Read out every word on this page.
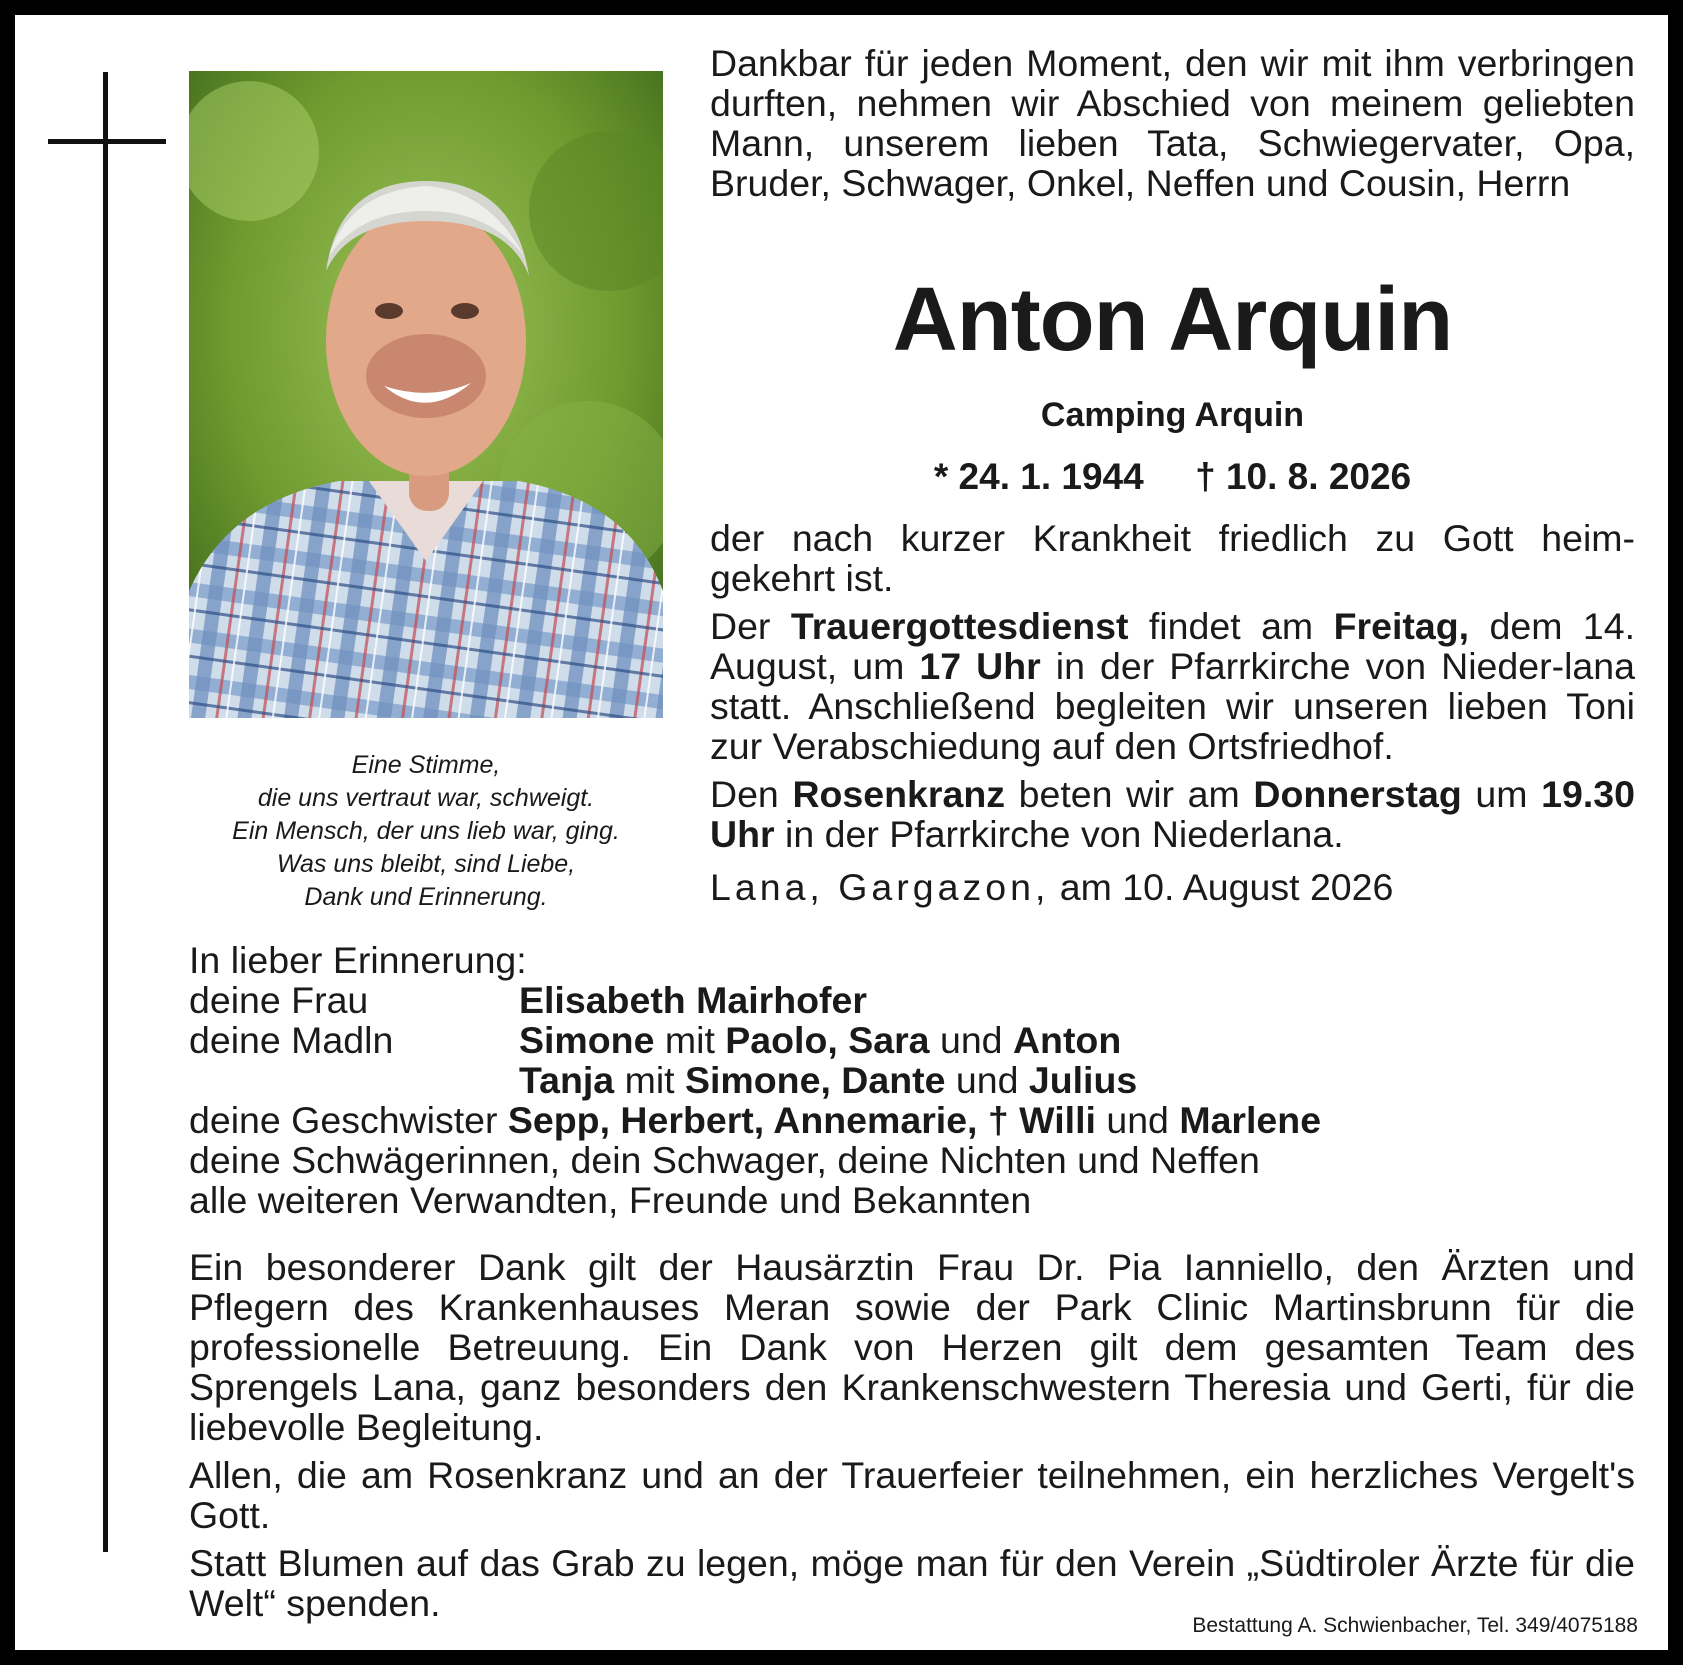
Eine Stimme,
die uns vertraut war, schweigt.
Ein Mensch, der uns lieb war, ging.
Was uns bleibt, sind Liebe,
Dank und Erinnerung.
Dankbar für jeden Moment, den wir mit ihm verbringen durften, nehmen wir Abschied von meinem geliebten Mann, unserem lieben Tata, Schwiegervater, Opa, Bruder, Schwager, Onkel, Neffen und Cousin, Herrn
Anton Arquin
Camping Arquin
* 24. 1. 1944 † 10. 8. 2026

der nach kurzer Krankheit friedlich zu Gott heim-gekehrt ist.

Der Trauergottesdienst findet am Freitag, dem 14. August, um 17 Uhr in der Pfarrkirche von Nieder-lana statt. Anschließend begleiten wir unseren lieben Toni zur Verabschiedung auf den Ortsfriedhof.

Den Rosenkranz beten wir am Donnerstag um 19.30 Uhr in der Pfarrkirche von Niederlana.

Lana, Gargazon, am 10. August 2026
In lieber Erinnerung:
deine Frau	Elisabeth Mairhofer
deine Madln	Simone mit Paolo, Sara und Anton
Tanja mit Simone, Dante und Julius
deine Geschwister Sepp, Herbert, Annemarie, † Willi und Marlene
deine Schwägerinnen, dein Schwager, deine Nichten und Neffen
alle weiteren Verwandten, Freunde und Bekannten

Ein besonderer Dank gilt der Hausärztin Frau Dr. Pia Ianniello, den Ärzten und Pflegern des Krankenhauses Meran sowie der Park Clinic Martinsbrunn für die professionelle Betreuung. Ein Dank von Herzen gilt dem gesamten Team des Sprengels Lana, ganz besonders den Krankenschwestern Theresia und Gerti, für die liebevolle Begleitung.

Allen, die am Rosenkranz und an der Trauerfeier teilnehmen, ein herzliches Vergelt's Gott.

Statt Blumen auf das Grab zu legen, möge man für den Verein „Südtiroler Ärzte für die Welt“ spenden.

Bestattung A. Schwienbacher, Tel. 349/4075188
